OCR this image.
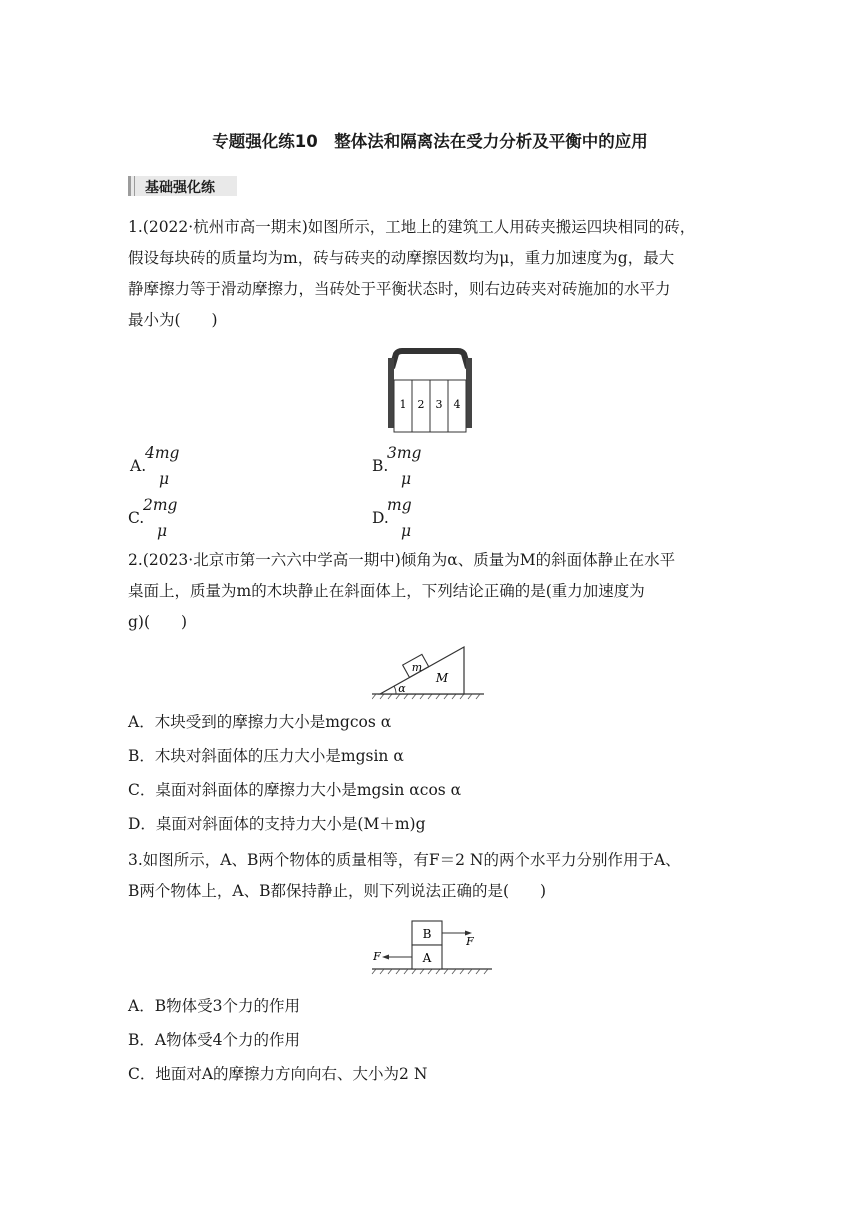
专题强化练10　整体法和隔离法在受力分析及平衡中的应用
基础强化练
1.(2022·杭州市高一期末)如图所示，工地上的建筑工人用砖夹搬运四块相同的砖，
假设每块砖的质量均为m，砖与砖夹的动摩擦因数均为μ，重力加速度为g，最大
静摩擦力等于滑动摩擦力，当砖处于平衡状态时，则右边砖夹对砖施加的水平力
最小为(　　)
1 2 3 4
A.
4mg
μ
B.
3mg
μ
C.
2mg
μ
D.
mg
μ
2.(2023·北京市第一六六中学高一期中)倾角为α、质量为M的斜面体静止在水平
桌面上，质量为m的木块静止在斜面体上，下列结论正确的是(重力加速度为
g)(　　)
m
M
α
A．木块受到的摩擦力大小是mgcos α
B．木块对斜面体的压力大小是mgsin α
C．桌面对斜面体的摩擦力大小是mgsin αcos α
D．桌面对斜面体的支持力大小是(M＋m)g
3.如图所示，A、B两个物体的质量相等，有F＝2 N的两个水平力分别作用于A、
B两个物体上，A、B都保持静止，则下列说法正确的是(　　)
B
A
F
F
A．B物体受3个力的作用
B．A物体受4个力的作用
C．地面对A的摩擦力方向向右、大小为2 N
